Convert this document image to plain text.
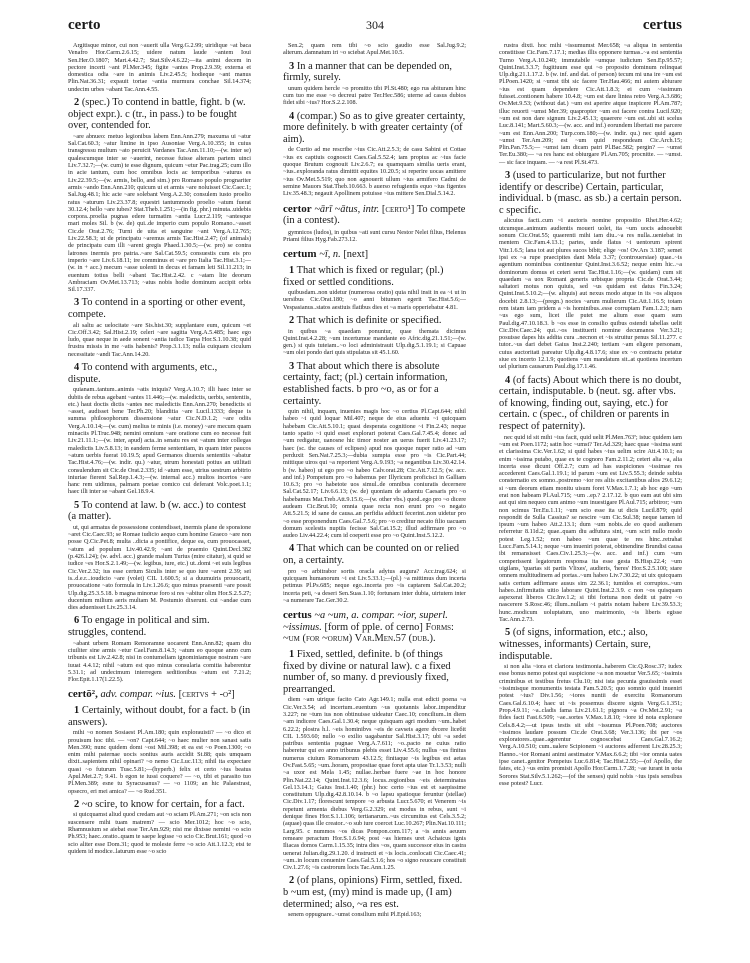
certo	304	certus

Argitisque minor, cui non ~auerit ulla Verg.G.2.99; uiridique ~at baca Venafro Hor.Carm.2.6.15; uidere natum laude ~antem Ioui Sen.Her.O.1807; Mart.4.42.7; Stat.Silv.4.6.22;—ita animi decem in pectore incerti ~ant Pl.Mer.345; figite ~antes Prop.2.9.39; externa et domestica odia ~are in animis Liv.2.45.5; hodieque ~ant manus Plin.Nat.36.31; expauit tortae ~antia murmura conchae Sil.14.374; undecim urbes ~abant Tac.Ann.4.55.

2 (spec.) To contend in battle, fight. b (w. object expr.). c (tr., in pass.) to be fought over, contended for.

~are abnueo: metuo legionibus labem Enn.Ann.279; maxuma ui ~atur Sal.Cat.60.3; ~atur limine in ipso Ausoniae Verg.A.10.355; in cuius transgressu multum ~ato peruicit Vardanes Tac.Ann.11.10;—(w. inter se) qualescumque inter se ~auerint, necesse fuisse alteram partem uinci Liv.7.32.7;—(w. cum) te esse dignum, quicum ~etur Pac.trag.25; cum illo in acie tantum, cum hoc omnibus locis ac temporibus ~aturus es Liv.22.39.5;—(w. armis, bello, and sim.) pro Romano populo prognariter armis ~ando Enn.Ann.210; quicum ui et armis ~are noluisset Cic.Caec.1; Sal.Jug.48.1; hic acie ~are solebant Verg.A.2.30; consulem iusto proelio ratus ~aturum Liv.23.37.8; equestri tantummodo proelio ~atum fuerat 30.12.4; bello ~are iubes? Stat.Theb.1.251;—(in fig. phr.) minuta..uidebis corpora..proelia pugnas edere turmatim ~antia Lucr.2.119; ~antesque mari moles Sil. b (w. de) qui..de imperio cum populo Romano..~asset Cic.de Orat.2.76; Turni de uita et sanguine ~ant Verg.A.12.765; Liv.22.58.3; ut de principatu ~aremus armis Tac.Hist.2.47; (of animals) de principatu cum illi ~arent gregis Phaed.1.30.5;—(w. pro) se contra latrones inermis pro patria..~are Sal.Cat.59.5; consuestis cum eis pro imperio ~are Liv.6.18.11; ire comminus et ~are pro Italia Tac.Hist.3.1;—(w. in + acc.) mecum ~asse uolenti in decus et famam leti Sil.11.213; in euentum totius belli ~abant Tac.Hist.2.42. c ~atam lite deorum Ambraciam Ov.Met.13.713; ~atus nobis hodie dominum accipit orbis Sil.17.337.

3 To contend in a sporting or other event, compete.

ali saltu ac uelocitate ~are Sis.hist.30; supplantare eum, quicum ~et Cic.Off.3.42; Sal.Hist.2.19; celeri ~are sagitta Verg.A.5.485; haec ego ludo, quae neque in aede sonent ~antia iudice Tarpa Hor.S.1.10.38; quid frustra missis in me ~atis habenis? Prop.3.1.13; nulla cuiquam ciculum necessitate ~andi Tac.Ann.14.20.

4 To contend with arguments, etc., dispute.

quianam..tantum..animis ~atis iniquis? Verg.A.10.7; illi haec inter se dubiis de rebus agebant ~antes 11.446;—(w. maledictis, uerbis, sententiis, etc.) haut doctis dictis ~antes nec maledictis Enn.Ann.270; benedictis si ~asset, audisset bene Ter.Ph.20; blanditia ~are Lucil.1333; deque is summa philosophorum dissensione ~atur Cic.N.D.1.2; ~are odiis Verg.A.10.14;—(w. cum) melius te minis (i.e. money) ~are mecum quam minaciis Pl.Truc.948; nemini omnium ~are oratione cum eo necesse fuit Liv.21.11.1;—(w. inter, apud) acta..in senatu res est ~atum inter collegas maledictis Liv.5.8.13; in eandem ferme sententiam, in quam inter paucos ~atum uerbis fuerat 10.19.5; apud Germanos diuersis sententiis ~abatur Tac.Hist.4.76;—(w. indir. qu.) ~atur, utrum honestati potius an utilitati consulendum sit Cic.de Orat.2.335; id ~atum esse, utrius uestrum arbitrio iniuriae fierent Sal.Rep.1.4.3;—(w. internal acc.) multos incertos ~are hanc rem uidimus, palmam poetae comico cui deferant Volc.poet.1.1; haec illi inter se ~abant Gel.18.9.4.

5 To contend at law. b (w. acc.) to contest (a matter).

ut, qui armatus de possessione contendisset, inermis plane de sponsione ~aret Cic.Caec.93; se Romae iudicio aequo cum homine Graeco ~are non posse Q.Cic.Pet.8; multa ..dicta a pontifice, deque ea, cum prouocasset, ~atum ad populum Liv.40.42.9; ~ant de praemio Quint.Decl.382 (p.426.l.24); (w. advl. acc.) grande malum Turius (mire citatur), si quid se iudice ~es Hor.S.2.1.49;—(w. legibus, iure, etc.) ut..domi ~et suis legibus Cic.Ver.2.32; ius esse certum Siculis inter se quo iure ~arent 2.39; sei is..d.e.r...ioudicio ~are (volet) CIL 1.600.5; si a duumuiris prouocarit, prouocatione ~ato formula in Liv.1.26.6; quo minus praesenti ~are possit Ulp.dig.25.3.5.18. b magna minorue foro si res ~abitur olim Hor.S.2.5.27; ducentum milium aeris multam M. Postumio dixerunt. cui ~andae cum dies aduenisset Liv.25.3.14.

6 To engage in political and sim. struggles, contend.

~abant urbem Romam Remoramne uocarent Enn.Ann.82; quam diu ciuiliter sine armis ~etur Cael.Fam.8.14.3; ~atum eo quoque anno cum tribunis est Liv.2.42.8; nisi in contumeliam ignominiamque nostram ~are iuuat 4.4.12; nihil ~atum est quo minus consularia comitia haberentur 5.31.1; ad undecimum interregem seditionibus ~atum est 7.21.2; Flor.Epit.1.17(1.22.5).

certō², adv. compar. ~ius. [certvs + -o²]

1 Certainly, without doubt, for a fact. b (in answers).

mihi ~o nomen Sosiaest Pl.Am.180; quin explorauisti? — ~o dico et prouisum hoc tibi. — ~on? Capt.644; ~o haec mulier non sanast satis Men.390; nunc quidem domi ~ost Mil.398; et ea est ~o Poen.1300; ~o enim mihi paternae uocis sonitus auris accidit St.88; quis umquam dixit..sapientem nihil opinari? ~o nemo Cic.Luc.113; nihil ita expectare quasi ~o futurum Tusc.5.81;—(hyperb.) felix et certo ~ius beatus Apul.Met.2.7; 9.41. b egon te iussi coquere? — ~o, tibi et parasito tuo Pl.Men.389; esne tu Syracusanus? — ~o 1109; an hic Palaestrast, opsecro, eri mei amica? — ~o Rud.351.

2 ~o scire, to know for certain, for a fact.

si quicquamst aliud quod credam aut ~o sciam Pl.Am.271; ~on scis non suscensere mihi tuam matrem? — scio Mer.1012; hoc ~o scio, Rhamnusium se aiebat esse Ter.Am.929; nisi me dixisse nemini ~o scio Ph.953; haec..oratio..quam te saepe legisse ~o scio Cic.Brut.161; quod ~o scio aliter esse Dom.31; quod te moleste ferre ~o scio Att.1.12.3; etsi te quidem id modice..laturum esse ~o scio

Sen.2; quam rem tibi ~o scio gaudio esse Sal.Jug.9.2; alterum..damnatum iri ~o sciebat Apul.Met.10.5.

3 In a manner that can be depended on, firmly, surely.

unum quidem hercle ~o promitto tibi Pl.St.480; ego rus abituram hinc cum tuo me esse ~o decreui patre Ter.Hec.586; uterne ad casus dubios fidet sibi ~ius? Hor.S.2.2.108.

4 (compar.) So as to give greater certainty, more definitely. b with greater certainty (of aim).

de Curtio ad me rescribe ~ius Cic.Att.2.5.3; de casu Sabini et Cottae ~ius ex captiuis cognoscit Caes.Gal.5.52.4; iam propius ac ~ius facie quoque Brutum cognouit Liv.2.6.7; ea quamquam similia ueris erant, ~ius..exploranda ratus dimittit equites 10.20.5; si reperire uocas amittere ~ius Ov.Met.5.519; quo non agnouerit ullum ~ius armifero Cadmi de semine Mauors Stat.Theb.10.663. b auerso refugientis equo ~ius figentes Liv.35.48.3; negauit Apollinem potuisse ~ius mittere Sen.Dial.5.14.2.

certor ~ārī ~ātus, intr. [certo¹] To compete (in a contest).

gymnicos (ludos), in quibus ~ati sunt cursu Nestor Nelei filius, Helenus Priami filius Hyg.Fab.273.12.

certum ~ī, n. [next]

1 That which is fixed or regular; (pl.) fixed or settled conditions.

quibusdam..non uidetur (numerosa oratio) quia nihil insit in ea ~i ut in uersibus Cic.Orat.180; ~o anni bitumen egerit Tac.Hist.5.6;—Vespasianus..statos aestiuis flatibus dies et ~a maris opperiebatur 4.81.

2 That which is definite or specified.

in quibus ~a quaedam ponuntur, quae themata dicimus Quint.Inst.4.2.28; ~um incertumue mandante eo Afric.dig.21.1.51;—(w. gen.) si quis tuteiam..~o loci administrauit Ulp.dig.5.1.19.1; si Capuae ~um olei pondo dari quis stipulatus sit 45.1.60.

3 That about which there is absolute certainty, fact; (pl.) certain information, established facts. b pro ~o, as or for a certainty.

quin nihil, inquam, inuenies magis hoc ~o certius Pl.Capt.644; nihil habeo ~i quid loquar Mil.407; neque de eius aduentu ~i quicquam habebam Cic.Att.5.10.1; quasi desperata cognitione ~i Fin.2.43; neque tanto spatio ~i quid esset explorari poterat Caes.Gal.7.45.4; donec ad ~um redigatur, uanosne hic timor noster an uerus fuerit Liv.41.23.17; haec (sc. the causes of eclipses) apud nos quoque nuper ratio ad ~um perduxit Sen.Nat.7.25.3;—dubia sumpta esse pro ~is Cic.Part.44; mittique uiros qui ~a reportent Verg.A.9.193; ~a negantibus Liv.30.42.14. b (w. habeo) ut ego pro ~o habeo Calv.orat.28; Cic.Att.7.12.5; (w. acc. and inf.) Pompeium pro ~o habemus per Illyricum proficisci in Galliam 10.6.3; pro ~o habetote uos simul..de omnibus coniuratis decernere Sal.Cat.52.17; Liv.6.6.13; (w. de) quoniam de aduentu Caesaris pro ~o habebamus Mat.Treb.Att.9.15.6;—(w. other vbs.) quod..ego pro ~o dicere audeam Cic.Brut.10; omnia quae recta non erunt pro ~o negato Att.5.21.5; id sane de causa..an perfidia adducti fecerint..non uidetur pro ~o esse proponendum Caes.Gal.7.5.6; pro ~o creditur necato filio uacuam domum scelestis nuptiis fecisse Sal.Cat.15.2; illud adfirmare pro ~o audeo Liv.44.22.4; cum id coeperit esse pro ~o Quint.Inst.5.12.2.

4 That which can be counted on or relied on, a certainty.

pro ~o arbitrabor sortis oracla adytus augura? Acc.trag.624; si quicquam humanorum ~i est Liv.5.33.1;—(pl.) ~a mittimus dum incerta petimus Pl.Ps.685; neque ego..incerta pro ~is captarem Sal.Cat.20.2; incerta peti, ~a deseri Sen.Suas.1.10; fortunam inter dubia, uirtutem inter ~a numerare Tac.Ger.30.2.

certus ~a ~um, a. compar. ~ior, superl. ~issimus. [form of pple. of cerno] Forms: ~um (for ~orum) Var.Men.57 (dub.).

1 Fixed, settled, definite. b (of things fixed by divine or natural law). c a fixed number of, so many. d previously fixed, prearranged.

diem ~am utrique facito Cato Agr.149.1; nulla erat edicti poena ~a Cic.Ver.3.54; ad incertum..euentum ~us quotannis labor..impenditur 3.227; ne ~tum ius non obtinuisse uideatur Caec.10; concilium..in diem ~am indicere Caes.Gal.1.30.4; neque quisquam agri modum ~um..habet 6.22.2; plostra h.l. ~eis hominibvs ~eis de cavseis agere dvcere liceбit CIL 1.593.60; nullo ~o exilio uagabantur Sal.Hist.3.17; ubi ~a sedet patribus sententia pugnae Verg.A.7.611; ~o..pacto ne cuius ratio haberetur qui eo anno tribunus plebis esset Liv.4.55.6; nullus ~us finitus numerus ciuium Romanorum 43.12.5; finitaque ~is legibus est aetas Ov.Fast.5.65; ~um..horam, propositae quae foret apta uiae Tr.1.3.53; nulli ~a uxor est Mela 1.45; nullae..herbae fuere ~ae in hoc honore Plin.Nat.22.14; Quint.Inst.12.3.6; locus..regionibus ~eis determinatus Gel.13.14.1; Gaius Inst.1.40; (phr.) hoc certo ~ius est et saepissime constitutum Ulp.dig.42.8.10.14. b ~o lapsu spatioque feruntur (stellae) Cic.Div.1.17; florescunt tempore ~o arbusta Lucr.5.670; et Venerem ~is repetunt armenta diebus Verg.G.2.329; est modus in rebus, sunt ~i denique fines Hor.S.1.1.106; tertianarum..~us circumitus est Cels.3.5.2; (aquae) quas ille creator..~o sub iure coercet Luc.10.267; Plin.Nat.10.111; Larg.95. c nummos ~os dicas Pompon.com.117; a ~is annis aeuum remeare peractum Hor.S.1.6.94; post ~as hiemes uret Achaicus ignis Iliacas domos Carm.1.15.35; intra dies ~os, quam successor eius in castra uenerat Julian.dig.29.1.20. d instructi et ~is locis..conlocati Cic.Caec.41; ~um..in locum conuenire Caes.Gal.5.1.6; hos ~o signo reuocare constituit Civ.1.27.6; ~is castrorum locis Tac.Ann.1.25.

2 (of plans, opinions) Firm, settled, fixed. b ~um est, (my) mind is made up, (I am) determined; also, ~a res est.

senem oppugnare..~umst consilium mihi Pl.Epid.163;

rustra dixti. hoc mihi ~issumumst Mer.658; ~a aliqua in sententia constitisse Cic.Fam.7.17.1; medias illis opponere turmas..~a est sententia Turno Verg.A.10.240; immutabile ~umque iudicium Sen.Ep.95.57; Quint.Inst.3.3.7; fugitiuum esse qui ~o proposito dominum relinquat Ulp.dig.21.1.17.2. b (w. inf. and dat. of person) tecum mi una ire ~um est Pl.Poen.1420; si ~umst tibi sic facere Ter.Hau.466; mi autem abiurare ~ius est quam dependere Cic.Att.1.8.3; ei cum ~issimum fuisset..contionem habere 10.4.8; ~um est dare lintea retro Verg.A.3.686; Ov.Met.9.53; (without dat.) ~um est aperire atque inspicere Pl.Am.787; illuc reuorti ~umst Mer.39; quapropter ~um est facere contra Lucil.920; ~um est non dare signum Liv.2.45.13; quaerere ~um est..ubi sit scelus Luc.8.141; Mart.5.60.3;—(w. acc. and inf.) eorundem libertati me parcere ~um est Enn.Ann.200; Turp.com.180;—(w. indir. qu.) nec quid agam ~umst Ter.Am.209; est ~um quid respondeam Cic.Arch.15; Plin.Pan.75.5;— ~umst iam dicam patri Pl.Bac.582; pergin? — ~umst Ter.Eu.380;— ~a res hanc est obiurgare Pl.Am.705; procnitte. — ~umst. — sic face inquam. — ~a rest Pl.St.473.

3 (used to particularize, but not further identify or describe) Certain, particular, individual. b (masc. as sb.) a certain person. c specific.

alicuius facti..cum ~i auctoris nomine propositio Rhet.Her.4.62; utcumque..animum audientis moueri uolet, ita ~um uocis adnouebit sonum Cic.Orat.55; quaerenti mihi iam diu..~a res nulla..ueniebat in mentem Cic.Fam.4.13.1; partes, unde flatus ~i uentorum spirent Vitr.1.6.5; lana tot aut plures sucos bibit; elige ~os! Ov.Ars 3.187; semet ipsi ex ~a rupe praecipites dant Mela 3.37; (controuersiae) quae..~is agentium nominibus continentur Quint.Inst.3.6.52; neque enim hic..~a dominorum domus et ceteri serui Tac.Hist.1.16;—(w. quidam) cum sit quaedam ~a uox Romani generis urbisque propria Cic.de Orat.3.44; saltatori motus non quiuis, sed ~us quidam est datus Fin.3.24; Quint.Inst.5.10.2;—(w. aliquis) aut nexus modo atque in iis ~os aliquos docebit 2.8.13;—(pregn.) noctes ~arum mulierum Cic.Att.1.16.5; totam rem istam iam pridem a ~is hominibus..esse corruptam Fam.1.2.3; nam ~us ego sum, licet ille putet me alium esse quam sum Paul.dig.47.10.18.3. b ~os esse in consilio quibus ostendi tabellas uelit Cic.Div.Caec.24; qui..~os instituerit nomine decumanos Ver.3.21; posuisse dapes his addita cura ..necnon et ~is struitur penus Sil.11.277. c tutor..~us dari debet Gaius Inst.2.240; tertiam ~am eligere personam, cuius auctoritati pareatur Ulp.dig.4.8.17.6; siue ex ~o contractu petatur siue ex incerto 12.1.9; quotiens ~um mandatum sit..at quotiens incertum uel plurium causarum Paul.dig.17.1.46.

4 (of facts) About which there is no doubt, certain, indisputable. b (neut. sg. after vbs. of knowing, finding out, saying, etc.) for certain. c (spec., of children or parents in respect of paternity).

nec quid id sit mihi ~ius facit, quid uelit Pl.Men.763ª; istuc quidem iam ~um est Poen.1172; satin hoc ~umst? Ter.Ad.329; haec quae ~issima sunt et clarissima Cic.Ver.1.62; si quid habes ~ius uelim scire Att.4.10.1; ea enim ~issima putabo, quae ex te cognoro Fam.2.11.2; ceteri alia ~a, alia incerta esse dicunt Off.2.7; cum ad has suspiciones ~issimae res accederent Caes.Gal.1.19.1; id parum ~um est Liv.5.55.3; deinde subita consternatio ex somno..postremo ~ior res aliis excitantibus alios 29.6.12; si ~um deorum etiam monitu uisum foret V.Max.1.7.1; ab hoc ego ~um erat non habeam Pl.Aul.715; ~um ..ep.? 2.17.12. b quo eam aut ubi sim aut qui sim nequeo cum animo ~um inuestigare Pl.Aul.715; arbitror; ~um non scimus Ter.Eu.1.11; ~um scio esse ita ut dicis Lucil.879; quid respondit de Sulla Cassius? se nescire ~um Cic.Sul.38; neque tamen id ipsum ~um habeo Att.2.13.1; dum ~um nobis..de eo quod audieram referretur 8.11d.2; quae..quam diu adfutura sint, ~um sciri nullo modo potest Leg.1.52; non habeo ~um quae te res hinc..retrahat Lucc.Fam.5.14.1; neque ~um inueniri poterat, obtinendine Brundisi causa ibi remansisset Caes.Civ.1.25.3;—(w. acc. and inf.) cum ~um comperissent legatorum responsa ita esse gesta B.Hisp.22.4; ~um uigilans, 'quartas sit partis Vlixes', audieris, 'heres' Hor.S.2.5.100; stare omnem multitudinem ad portas..~um habeo Liv.7.30.22; ut uix quicquam satis certum adfirmare ausus sim 22.36.1; tumidos et corruptos..~um habeo..infirmitatis uitio laborare Quint.Inst.2.3.9. c non ~os quisquam aspexerat liberos Cic.Inv.1.2; si tibi fortuna non dedit ut patre ~o nascerere S.Rosc.46; illum..nullam ~i patris notam habere Liv.39.53.3; hunc..modicum uoluptatum, uno matrimonio, ~is liberis egisse Tac.Ann.2.73.

5 (of signs, information, etc.; also, witnesses, informants) Certain, sure, indisputable.

si non alia ~iora et clariora testimonia..haberem Cic.Q.Rosc.37; iudex esse bonus nemo potest qui suspicione ~a non mouetur Ver.5.65; ~issimis criminibus et testibus fretus Clu.10; nisi ista pecunia grauissimis esset ~issimisque monumentis testata Fam.5.20.5; quo somnio quid inueniri potest ~ius? Div.1.56; ~iores nuntii de exercitu Romanorum Caes.Gal.6.10.4; haec ut ~is possemus discere signis Verg.G.1.351; Prop.4.9.11; ~a..cladis fama Liv.21.61.1; pignora ~a Ov.Met.2.91; ~a fides facti Fast.6.509; ~ae..sortes V.Max.1.8.10; ~iore id nota explorare Cels.8.4.2;—ut ipsus testis sit sibi ~issumus Pl.Poen.708; auctores ~issimos laudare possum Cic.de Orat.3.68; Ver.3.136; ibi per ~os exploratores..quae..agerentur cognoscebat Caes.Gal.7.16.2; Verg.A.10.510; cum..ualere Scipionem ~i auctores adferrent Liv.28.25.3; Hanno..~ior Romani animi aestimator V.Max.6.6.2; tibi ~ior omnia uates ipse canet..genitor Pompeius Luc.6.814; Tac.Hist.2.55;—(of Apollo, the fates, etc.) ~us enim promisit Apollo Hor.Carm.1.7.28; ~ae iurant in uota Sorores Stat.Silv.5.1.262;—(of the senses) quid nobis ~ius ipsis sensibus esse potest? Lucr.
